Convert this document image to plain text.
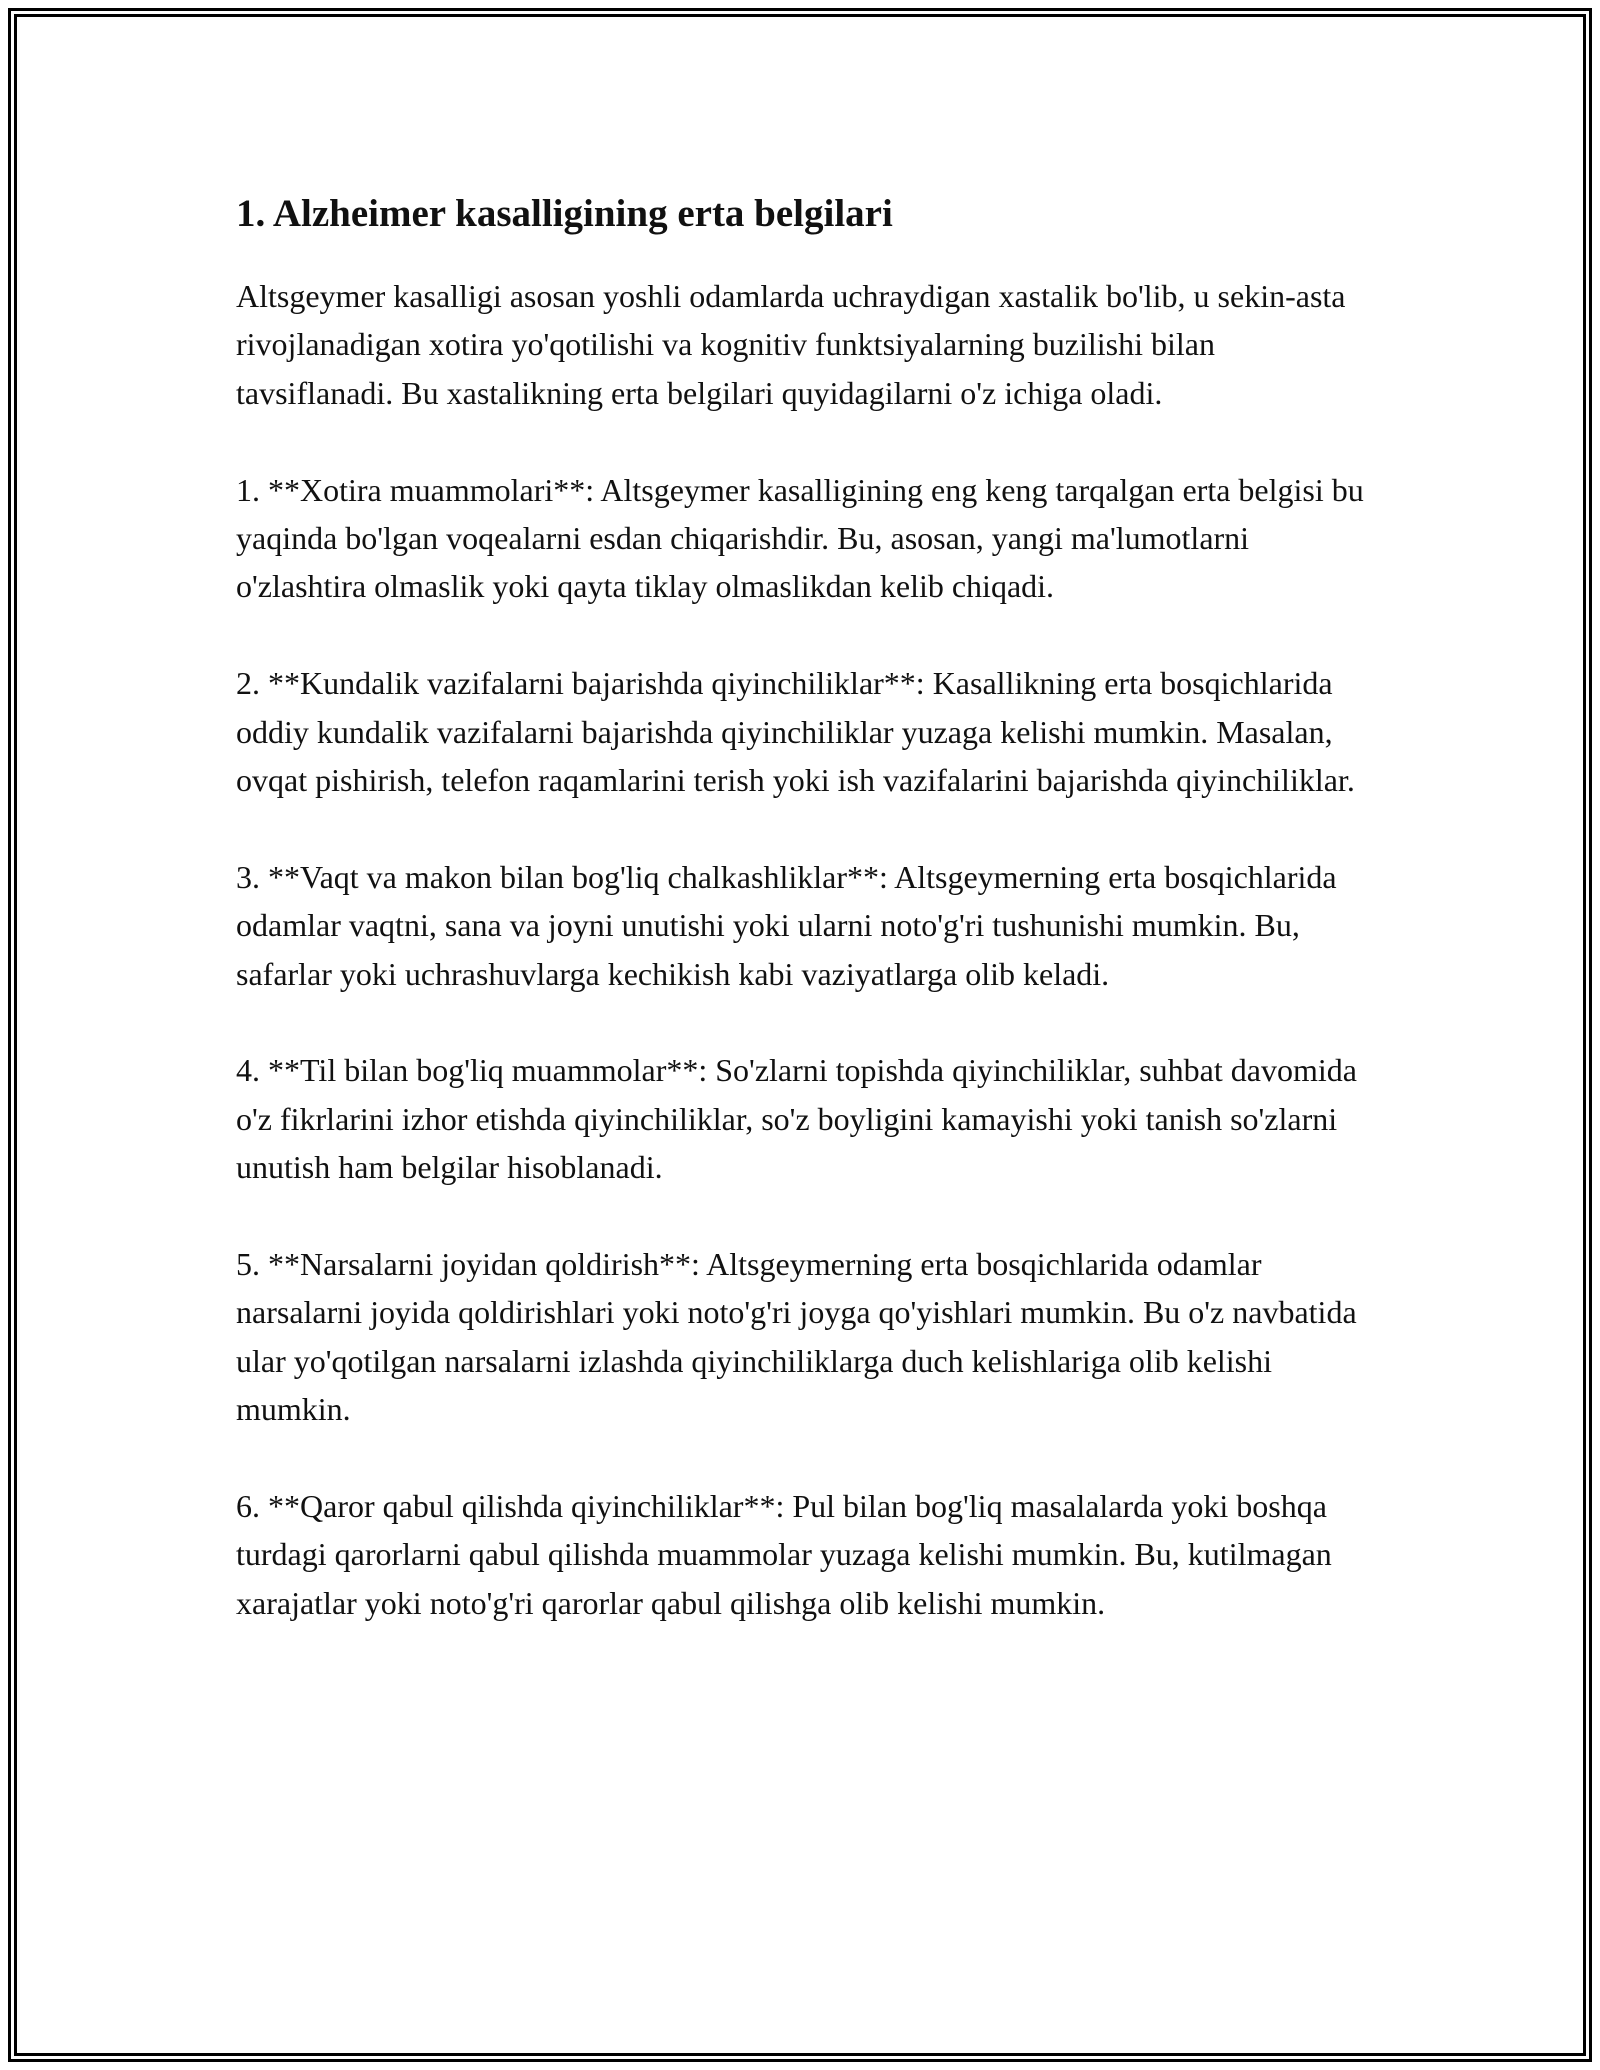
1. Alzheimer kasalligining erta belgilari

Altsgeymer kasalligi asosan yoshli odamlarda uchraydigan xastalik bo'lib, u sekin-asta rivojlanadigan xotira yo'qotilishi va kognitiv funktsiyalarning buzilishi bilan tavsiflanadi. Bu xastalikning erta belgilari quyidagilarni o'z ichiga oladi.

1. **Xotira muammolari**: Altsgeymer kasalligining eng keng tarqalgan erta belgisi bu yaqinda bo'lgan voqealarni esdan chiqarishdir. Bu, asosan, yangi ma'lumotlarni o'zlashtira olmaslik yoki qayta tiklay olmaslikdan kelib chiqadi.

2. **Kundalik vazifalarni bajarishda qiyinchiliklar**: Kasallikning erta bosqichlarida oddiy kundalik vazifalarni bajarishda qiyinchiliklar yuzaga kelishi mumkin. Masalan, ovqat pishirish, telefon raqamlarini terish yoki ish vazifalarini bajarishda qiyinchiliklar.

3. **Vaqt va makon bilan bog'liq chalkashliklar**: Altsgeymerning erta bosqichlarida odamlar vaqtni, sana va joyni unutishi yoki ularni noto'g'ri tushunishi mumkin. Bu, safarlar yoki uchrashuvlarga kechikish kabi vaziyatlarga olib keladi.

4. **Til bilan bog'liq muammolar**: So'zlarni topishda qiyinchiliklar, suhbat davomida o'z fikrlarini izhor etishda qiyinchiliklar, so'z boyligini kamayishi yoki tanish so'zlarni unutish ham belgilar hisoblanadi.

5. **Narsalarni joyidan qoldirish**: Altsgeymerning erta bosqichlarida odamlar narsalarni joyida qoldirishlari yoki noto'g'ri joyga qo'yishlari mumkin. Bu o'z navbatida ular yo'qotilgan narsalarni izlashda qiyinchiliklarga duch kelishlariga olib kelishi mumkin.

6. **Qaror qabul qilishda qiyinchiliklar**: Pul bilan bog'liq masalalarda yoki boshqa turdagi qarorlarni qabul qilishda muammolar yuzaga kelishi mumkin. Bu, kutilmagan xarajatlar yoki noto'g'ri qarorlar qabul qilishga olib kelishi mumkin.
